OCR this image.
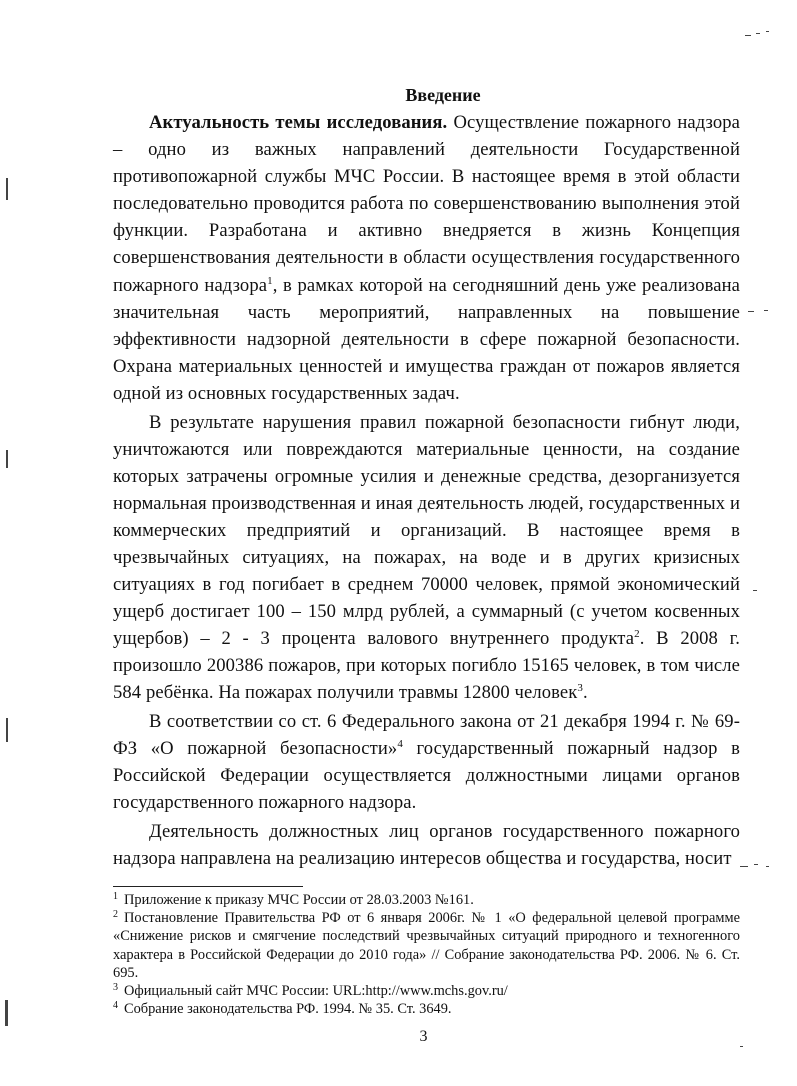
Введение

Актуальность темы исследования. Осуществление пожарного надзора – одно из важных направлений деятельности Государственной противопожарной службы МЧС России. В настоящее время в этой области последовательно проводится работа по совершенствованию выполнения этой функции. Разработана и активно внедряется в жизнь Концепция совершенствования деятельности в области осуществления государственного пожарного надзора$^1$, в рамках которой на сегодняшний день уже реализована значительная часть мероприятий, направленных на повышение эффективности надзорной деятельности в сфере пожарной безопасности. Охрана материальных ценностей и имущества граждан от пожаров является одной из основных государственных задач.

В результате нарушения правил пожарной безопасности гибнут люди, уничтожаются или повреждаются материальные ценности, на создание которых затрачены огромные усилия и денежные средства, дезорганизуется нормальная производственная и иная деятельность людей, государственных и коммерческих предприятий и организаций. В настоящее время в чрезвычайных ситуациях, на пожарах, на воде и в других кризисных ситуациях в год погибает в среднем 70000 человек, прямой экономический ущерб достигает 100 – 150 млрд рублей, а суммарный (с учетом косвенных ущербов) – 2 - 3 процента валового внутреннего продукта$^2$. В 2008 г. произошло 200386 пожаров, при которых погибло 15165 человек, в том числе 584 ребёнка. На пожарах получили травмы 12800 человек$^3$.

В соответствии со ст. 6 Федерального закона от 21 декабря 1994 г. № 69-ФЗ «О пожарной безопасности»$^4$ государственный пожарный надзор в Российской Федерации осуществляется должностными лицами органов государственного пожарного надзора.

Деятельность должностных лиц органов государственного пожарного надзора направлена на реализацию интересов общества и государства, носит

$^1$ Приложение к приказу МЧС России от 28.03.2003 №161.
$^2$ Постановление Правительства РФ от 6 января 2006г. № 1 «О федеральной целевой программе «Снижение рисков и смягчение последствий чрезвычайных ситуаций природного и техногенного характера в Российской Федерации до 2010 года» // Собрание законодательства РФ. 2006. № 6. Ст. 695.
$^3$ Официальный сайт МЧС России: URL:http://www.mchs.gov.ru/
$^4$ Собрание законодательства РФ. 1994. № 35. Ст. 3649.
3
